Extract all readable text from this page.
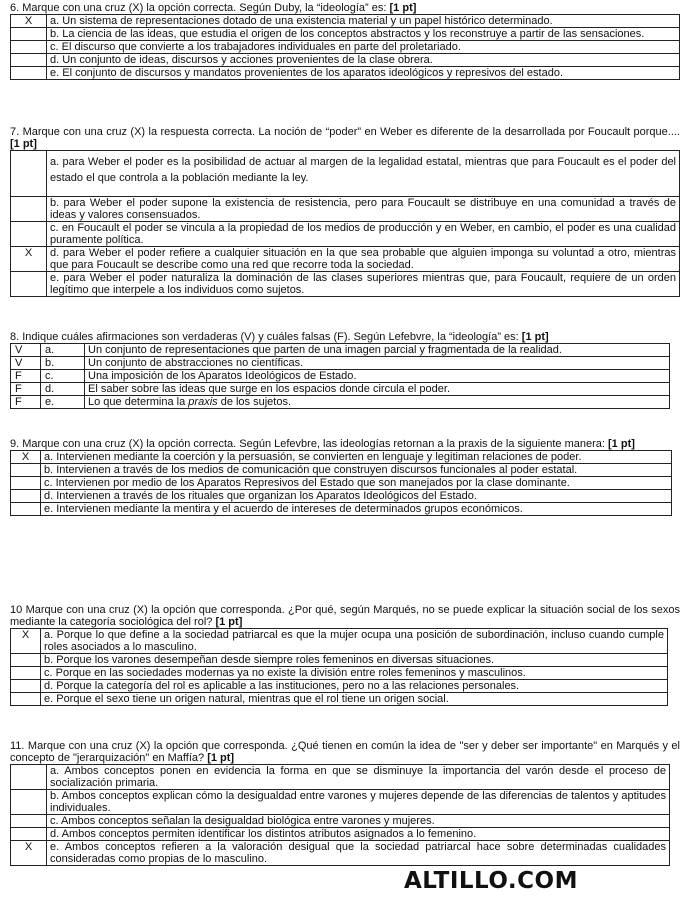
6. Marque con una cruz (X) la opción correcta. Según Duby, la “ideología” es: [1 pt]
X	a. Un sistema de representaciones dotado de una existencia material y un papel histórico determinado.
	b. La ciencia de las ideas, que estudia el origen de los conceptos abstractos y los reconstruye a partir de las sensaciones.
	c. El discurso que convierte a los trabajadores individuales en parte del proletariado.
	d. Un conjunto de ideas, discursos y acciones provenientes de la clase obrera.
	e. El conjunto de discursos y mandatos provenientes de los aparatos ideológicos y represivos del estado.
7. Marque con una cruz (X) la respuesta correcta. La noción de “poder” en Weber es diferente de la desarrollada por Foucault porque.... [1 pt]
	a. para Weber el poder es la posibilidad de actuar al margen de la legalidad estatal, mientras que para Foucault es el poder del estado el que controla a la población mediante la ley.
	b. para Weber el poder supone la existencia de resistencia, pero para Foucault se distribuye en una comunidad a través de ideas y valores consensuados.
	c. en Foucault el poder se vincula a la propiedad de los medios de producción y en Weber, en cambio, el poder es una cualidad puramente política.
X	d. para Weber el poder refiere a cualquier situación en la que sea probable que alguien imponga su voluntad a otro, mientras que para Foucault se describe como una red que recorre toda la sociedad.
	e. para Weber el poder naturaliza la dominación de las clases superiores mientras que, para Foucault, requiere de un orden legítimo que interpele a los individuos como sujetos.
8. Indique cuáles afirmaciones son verdaderas (V) y cuáles falsas (F). Según Lefebvre, la “ideología” es: [1 pt]
V	a.	Un conjunto de representaciones que parten de una imagen parcial y fragmentada de la realidad.
V	b.	Un conjunto de abstracciones no científicas.
F	c.	Una imposición de los Aparatos Ideológicos de Estado.
F	d.	El saber sobre las ideas que surge en los espacios donde circula el poder.
F	e.	Lo que determina la praxis de los sujetos.
9. Marque con una cruz (X) la opción correcta. Según Lefevbre, las ideologías retornan a la praxis de la siguiente manera: [1 pt]
X	a. Intervienen mediante la coerción y la persuasión, se convierten en lenguaje y legitiman relaciones de poder.
	b. Intervienen a través de los medios de comunicación que construyen discursos funcionales al poder estatal.
	c. Intervienen por medio de los Aparatos Represivos del Estado que son manejados por la clase dominante.
	d. Intervienen a través de los rituales que organizan los Aparatos Ideológicos del Estado.
	e. Intervienen mediante la mentira y el acuerdo de intereses de determinados grupos económicos.
10 Marque con una cruz (X) la opción que corresponda. ¿Por qué, según Marqués, no se puede explicar la situación social de los sexos mediante la categoría sociológica del rol? [1 pt]
X	a. Porque lo que define a la sociedad patriarcal es que la mujer ocupa una posición de subordinación, incluso cuando cumple roles asociados a lo masculino.
	b. Porque los varones desempeñan desde siempre roles femeninos en diversas situaciones.
	c. Porque en las sociedades modernas ya no existe la división entre roles femeninos y masculinos.
	d. Porque la categoría del rol es aplicable a las instituciones, pero no a las relaciones personales.
	e. Porque el sexo tiene un origen natural, mientras que el rol tiene un origen social.
11. Marque con una cruz (X) la opción que corresponda. ¿Qué tienen en común la idea de "ser y deber ser importante" en Marqués y el concepto de "jerarquización" en Maffía? [1 pt]
	a. Ambos conceptos ponen en evidencia la forma en que se disminuye la importancia del varón desde el proceso de socialización primaria.
	b. Ambos conceptos explican cómo la desigualdad entre varones y mujeres depende de las diferencias de talentos y aptitudes individuales.
	c. Ambos conceptos señalan la desigualdad biológica entre varones y mujeres.
	d. Ambos conceptos permiten identificar los distintos atributos asignados a lo femenino.
X	e. Ambos conceptos refieren a la valoración desigual que la sociedad patriarcal hace sobre determinadas cualidades consideradas como propias de lo masculino.
ALTILLO.COM
